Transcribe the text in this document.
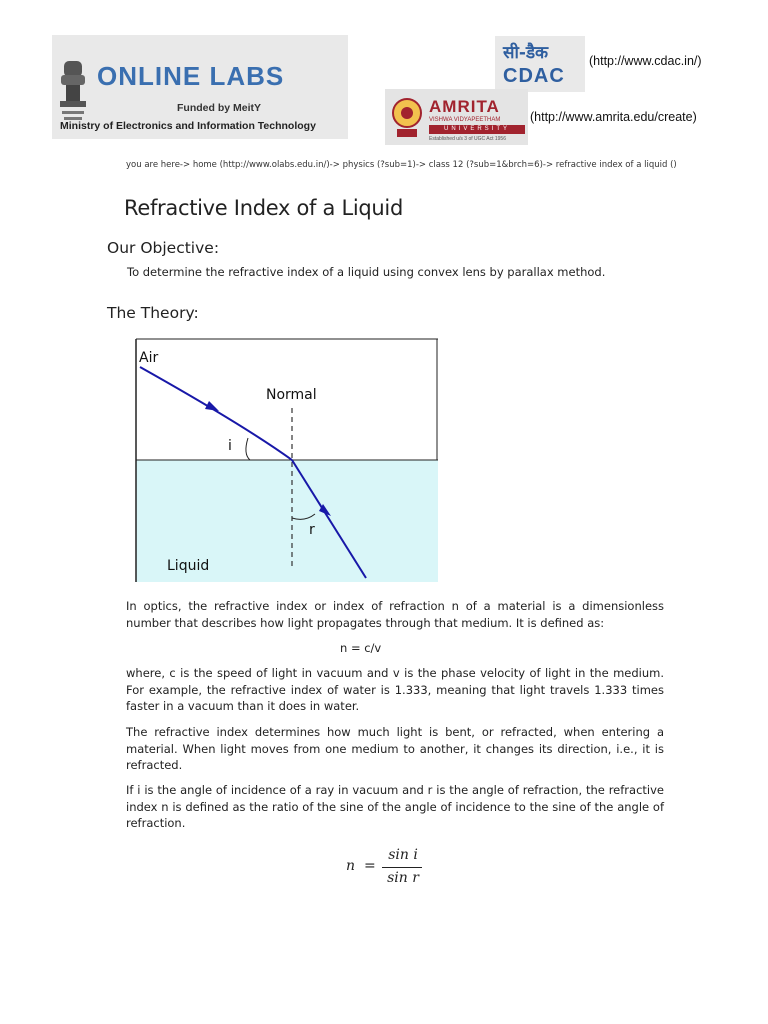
ONLINE LABS
Funded by MeitY
Ministry of Electronics and Information Technology
सी-डैक
CDAC
(http://www.cdac.in/)
AMRITA
VISHWA VIDYAPEETHAM
UNIVERSITY
Established u/s 3 of UGC Act 1956
(http://www.amrita.edu/create)
you are here-> home (http://www.olabs.edu.in/)-> physics (?sub=1)-> class 12 (?sub=1&brch=6)-> refractive index of a liquid ()
Refractive Index of a Liquid
Our Objective:

To determine the refractive index of a liquid using convex lens by parallax method.

The Theory:
Air
Normal
i
r
Liquid

In optics, the refractive index or index of refraction n of a material is a dimensionless number that describes how light propagates through that medium. It is defined as:

n = c/v

where, c is the speed of light in vacuum and v is the phase velocity of light in the medium. For example, the refractive index of water is 1.333, meaning that light travels 1.333 times faster in a vacuum than it does in water.

The refractive index determines how much light is bent, or refracted, when entering a material. When light moves from one medium to another, it changes its direction, i.e., it is refracted.

If i is the angle of incidence of a ray in vacuum and r is the angle of refraction, the refractive index n is defined as the ratio of the sine of the angle of incidence to the sine of the angle of refraction.

n =
sin i
sin r
